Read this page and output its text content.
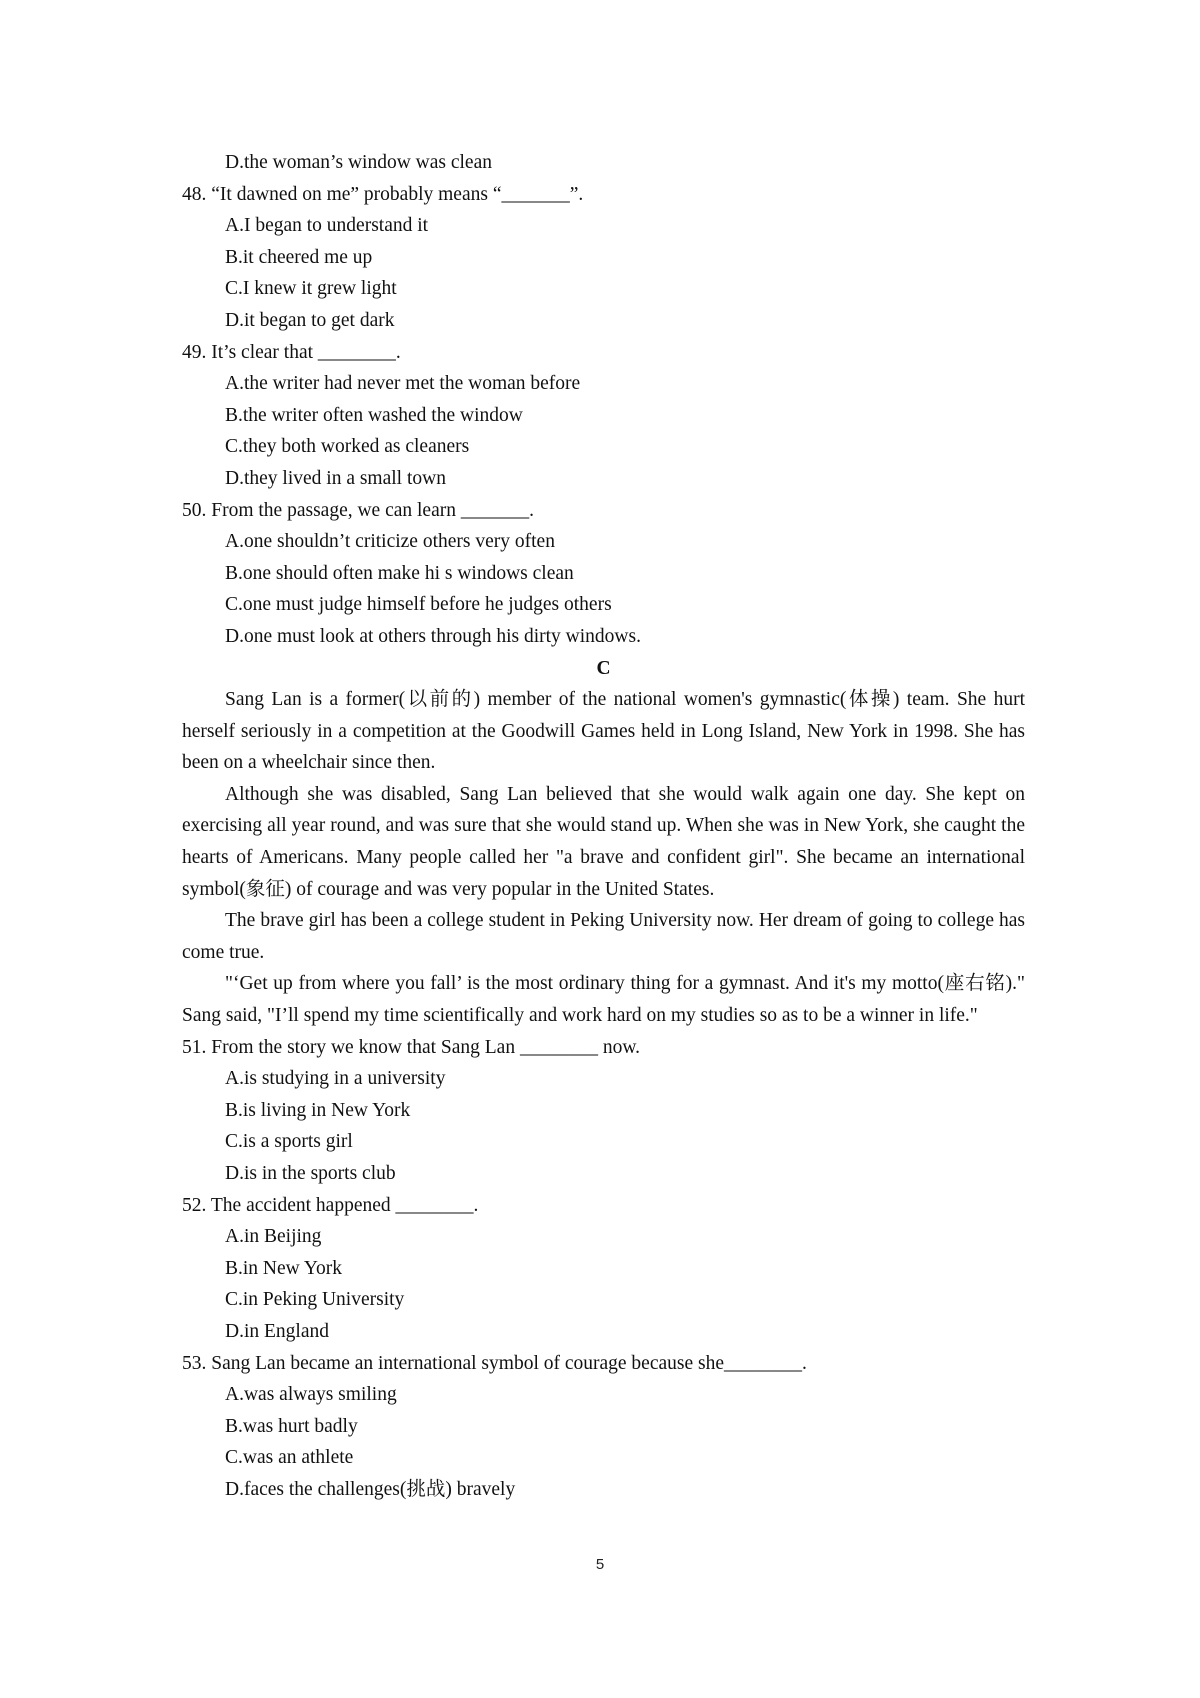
D.the woman’s window was clean

48. “It dawned on me” probably means “_______”.

A.I began to understand it

B.it cheered me up

C.I knew it grew light

D.it began to get dark

49. It’s clear that ________.

A.the writer had never met the woman before

B.the writer often washed the window

C.they both worked as cleaners

D.they lived in a small town

50. From the passage, we can learn _______.

A.one shouldn’t criticize others very often

B.one should often make hi s windows clean

C.one must judge himself before he judges others

D.one must look at others through his dirty windows.

C

Sang Lan is a former(以前的) member of the national women's gymnastic(体操) team. She hurt herself seriously in a competition at the Goodwill Games held in Long Island, New York in 1998. She has been on a wheelchair since then.

Although she was disabled, Sang Lan believed that she would walk again one day. She kept on exercising all year round, and was sure that she would stand up. When she was in New York, she caught the hearts of Americans. Many people called her "a brave and confident girl". She became an international symbol(象征) of courage and was very popular in the United States.

The brave girl has been a college student in Peking University now. Her dream of going to college has come true.

"‘Get up from where you fall’ is the most ordinary thing for a gymnast. And it's my motto(座右铭)." Sang said, "I’ll spend my time scientifically and work hard on my studies so as to be a winner in life."

51. From the story we know that Sang Lan ________ now.

A.is studying in a university

B.is living in New York

C.is a sports girl

D.is in the sports club

52. The accident happened ________.

A.in Beijing

B.in New York

C.in Peking University

D.in England

53. Sang Lan became an international symbol of courage because she________.

A.was always smiling

B.was hurt badly

C.was an athlete

D.faces the challenges(挑战) bravely

5
